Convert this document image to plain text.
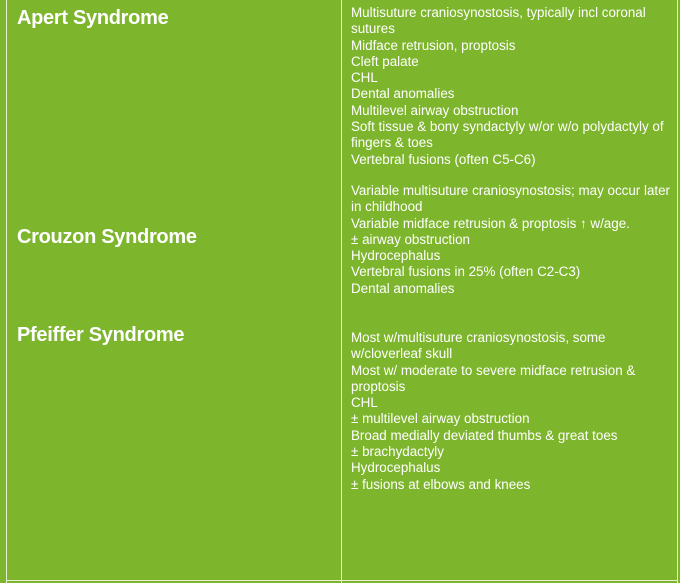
Apert Syndrome	Multisuture craniosynostosis, typically incl coronal sutures
Midface retrusion, proptosis
Cleft palate
CHL
Dental anomalies
Multilevel airway obstruction
Soft tissue & bony syndactyly w/or w/o polydactyly of fingers & toes
Vertebral fusions (often C5-C6)
Crouzon Syndrome
Variable multisuture craniosynostosis; may occur later in childhood
Variable midface retrusion & proptosis ↑ w/age.
± airway obstruction
Hydrocephalus
Vertebral fusions in 25% (often C2-C3)
Dental anomalies
Pfeiffer Syndrome	Most w/multisuture craniosynostosis, some w/cloverleaf skull
Most w/ moderate to severe midface retrusion & proptosis
CHL
± multilevel airway obstruction
Broad medially deviated thumbs & great toes
± brachydactyly
Hydrocephalus
± fusions at elbows and knees
